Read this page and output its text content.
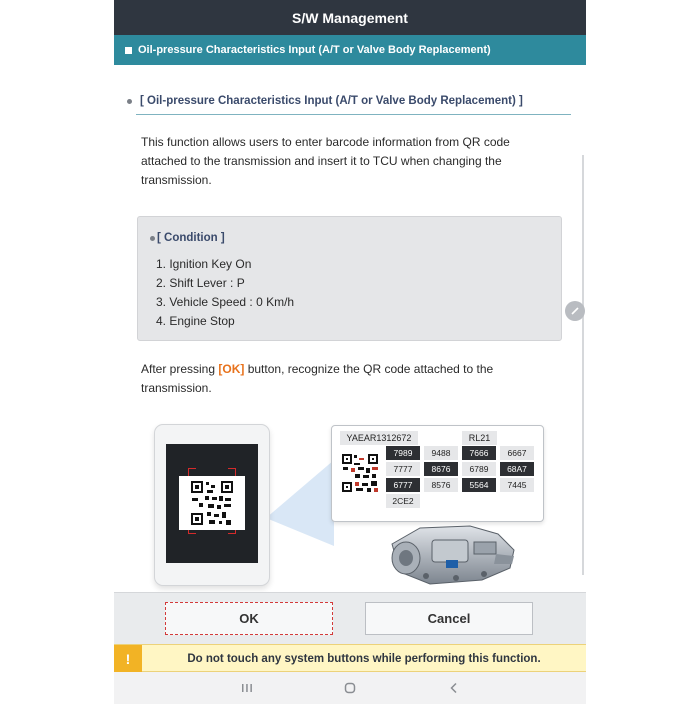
S/W Management
Oil-pressure Characteristics Input (A/T or Valve Body Replacement)
[ Oil-pressure Characteristics Input (A/T or Valve Body Replacement) ]

This function allows users to enter barcode information from QR code attached to the transmission and insert it to TCU when changing the transmission.

[ Condition ]
1. Ignition Key On
2. Shift Lever : P
3. Vehicle Speed : 0 Km/h
4. Engine Stop

After pressing [OK] button, recognize the QR code attached to the transmission.

YAEAR1312672	RL21
7989	9488	7666	6667
7777	8676	6789	68A7
6777	8576	5564	7445
2CE2
OK	Cancel
!	Do not touch any system buttons while performing this function.
